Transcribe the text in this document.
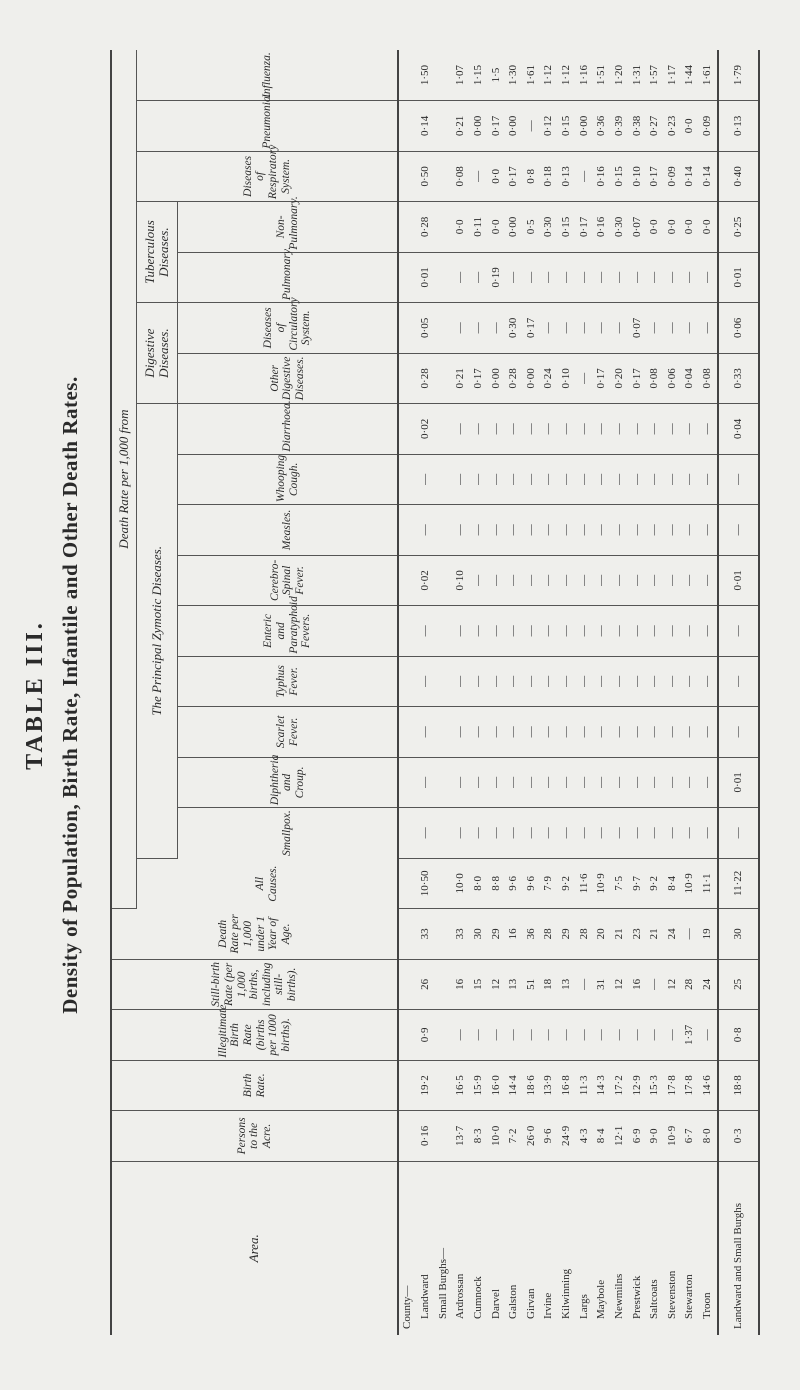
TABLE III. Density of Population, Birth Rate, Infantile and Other Death Rates.
Area.	Persons to the Acre.	Birth Rate.	Illegitimate Birth Rate (births per 1000 births).	Still-birth Rate (per 1,000 births, including still-births).	Death Rate per 1,000 under 1 Year of Age.	Death Rate per 1,000 from																
						All Causes.	The Principal Zymotic Diseases.									Digestive Diseases.		Tuberculous Diseases.		Diseases of Respiratory System.	Pneumonia.	Influenza.
							Smallpox.	Diphtheria and Croup.	Scarlet Fever.	Typhus Fever.	Enteric and Paratyphoid Fevers.	Cerebro-Spinal Fever.	Measles.	Whooping Cough.	Diarrhoea.	Other Digestive Diseases.	Diseases of Circulatory System.	Pulmonary.	Non-Pulmonary.			
County—																						
Landward	0·16	19·2	0·9	26	33	10·50	—	—	—	—	—	0·02	—	—	0·02	0·28	0·05	0·01	0·28	0·50	0·14	1·50
Small Burghs—																						
Ardrossan	13·7	16·5	—	16	33	10·0	—	—	—	—	—	0·10	—	—	—	0·21	—	—	0·0	0·08	0·21	1·07
Cumnock	8·3	15·9	—	15	30	8·0	—	—	—	—	—	—	—	—	—	0·17	—	—	0·11	—	0·00	1·15
Darvel	10·0	16·0	—	12	29	8·8	—	—	—	—	—	—	—	—	—	0·00	—	0·19	0·0	0·0	0·17	1·5
Galston	7·2	14·4	—	13	16	9·6	—	—	—	—	—	—	—	—	—	0·28	0·30	—	0·00	0·17	0·00	1·30
Girvan	26·0	18·6	—	51	36	9·6	—	—	—	—	—	—	—	—	—	0·00	0·17	—	0·5	0·8	—	1·61
Irvine	9·6	13·9	—	18	28	7·9	—	—	—	—	—	—	—	—	—	0·24	—	—	0·30	0·18	0·12	1·12
Kilwinning	24·9	16·8	—	13	29	9·2	—	—	—	—	—	—	—	—	—	0·10	—	—	0·15	0·13	0·15	1·12
Largs	4·3	11·3	—	—	28	11·6	—	—	—	—	—	—	—	—	—	—	—	—	0·17	—	0·00	1·16
Maybole	8·4	14·3	—	31	20	10·9	—	—	—	—	—	—	—	—	—	0·17	—	—	0·16	0·16	0·36	1·51
Newmilns	12·1	17·2	—	12	21	7·5	—	—	—	—	—	—	—	—	—	0·20	—	—	0·30	0·15	0·39	1·20
Prestwick	6·9	12·9	—	16	23	9·7	—	—	—	—	—	—	—	—	—	0·17	0·07	—	0·07	0·10	0·38	1·31
Saltcoats	9·0	15·3	—	—	21	9·2	—	—	—	—	—	—	—	—	—	0·08	—	—	0·0	0·17	0·27	1·57
Stevenston	10·9	17·8	—	12	24	8·4	—	—	—	—	—	—	—	—	—	0·06	—	—	0·0	0·09	0·23	1·17
Stewarton	6·7	17·8	1·37	28	—	10·9	—	—	—	—	—	—	—	—	—	0·04	—	—	0·0	0·14	0·0	1·44
Troon	8·0	14·6	—	24	19	11·1	—	—	—	—	—	—	—	—	—	0·08	—	—	0·0	0·14	0·09	1·61
Landward and Small Burghs	0·3	18·8	0·8	25	30	11·22	—	0·01	—	—	—	0·01	—	—	0·04	0·33	0·06	0·01	0·25	0·40	0·13	1·79
